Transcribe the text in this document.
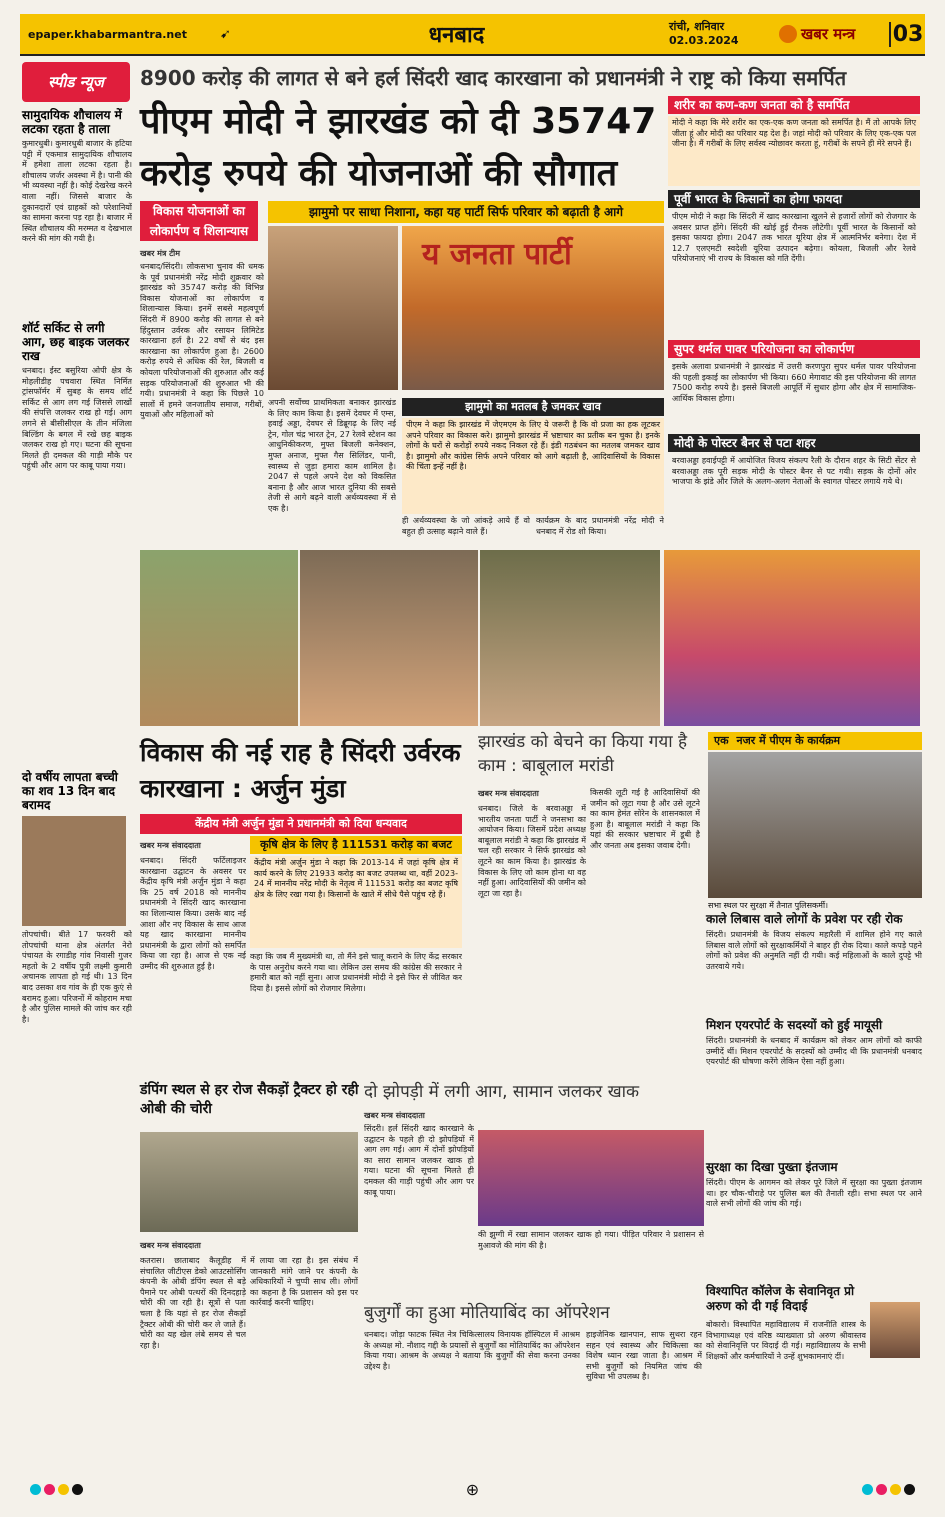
epaper.khabarmantra.net	➹	धनबाद	रांची, शनिवार
02.03.2024	खबर मन्त्र 03
स्पीड न्यूज	8900 करोड़ की लागत से बने हर्ल सिंदरी खाद कारखाना को प्रधानमंत्री ने राष्ट्र को किया समर्पित
पीएम मोदी ने झारखंड को दी 35747 करोड़ रुपये की योजनाओं की सौगात
सामुदायिक शौचालय में लटका रहता है ताला

कुमारधुबी। कुमारधुबी बाजार के हटिया पट्टी में एकमात्र सामुदायिक शौचालय में हमेशा ताला लटका रहता है। शौचालय जर्जर अवस्था में है। पानी की भी व्यवस्था नहीं है। कोई देखरेख करने वाला नहीं। जिससे बाजार के दुकानदारों एवं ग्राहकों को परेशानियों का सामना करना पड़ रहा है। बाजार में स्थित शौचालय की मरम्मत व देखभाल करने की मांग की गयी है।

शॉर्ट सर्किट से लगी आग, छह बाइक जलकर राख

धनबाद। ईस्ट बसुरिया ओपी क्षेत्र के मोहलीडीह पचवारा स्थित निर्मित ट्रांसफॉर्मर में सुबह के समय शॉर्ट सर्किट से आग लग गई जिससे लाखों की संपत्ति जलकर राख हो गई। आग लगने से बीसीसीएल के तीन मंजिला बिल्डिंग के बगल में रखे छह बाइक जलकर राख हो गए। घटना की सूचना मिलते ही दमकल की गाड़ी मौके पर पहुंची और आग पर काबू पाया गया।

दो वर्षीय लापता बच्ची का शव 13 दिन बाद बरामद

तोपचांची। बीते 17 फरवरी को तोपचांची थाना क्षेत्र अंतर्गत नेरो पंचायत के रगाडीह गांव निवासी गुजर महतो के 2 वर्षीय पुत्री लक्ष्मी कुमारी अचानक लापता हो गई थी। 13 दिन बाद उसका शव गांव के ही एक कुएं से बरामद हुआ। परिजनों में कोहराम मचा है और पुलिस मामले की जांच कर रही है।

विकास योजनाओं का लोकार्पण व शिलान्यास
झामुमो पर साधा निशाना, कहा यह पार्टी सिर्फ परिवार को बढ़ाती है आगे
य जनता पार्टी
खबर मंत्र टीम
धनबाद/सिंदरी। लोकसभा चुनाव की धमक के पूर्व प्रधानमंत्री नरेंद्र मोदी शुक्रवार को झारखंड को 35747 करोड़ की विभिन्न विकास योजनाओं का लोकार्पण व शिलान्यास किया। इनमें सबसे महत्वपूर्ण सिंदरी में 8900 करोड़ की लागत से बने हिंदुस्तान उर्वरक और रसायन लिमिटेड कारखाना हर्ल है। 22 वर्षों से बंद इस कारखाना का लोकार्पण हुआ है। 2600 करोड़ रुपये से अधिक की रेल, बिजली व कोयला परियोजनाओं की शुरुआत और कई सड़क परियोजनाओं की शुरुआत भी की गयी। प्रधानमंत्री ने कहा कि पिछले 10 सालों में हमने जनजातीय समाज, गरीबों, युवाओं और महिलाओं को
अपनी सर्वोच्च प्राथमिकता बनाकर झारखंड के लिए काम किया है। इसमें देवघर में एम्स, हवाई अड्डा, देवघर से डिब्रूगढ़ के लिए नई ट्रेन, गोल चंद्र भारत ट्रेन, 27 रेलवे स्टेशन का आधुनिकीकरण, मुफ्त बिजली कनेक्शन, मुफ्त अनाज, मुफ्त गैस सिलिंडर, पानी, स्वास्थ्य से जुड़ा हमारा काम शामिल है। 2047 से पहले अपने देश को विकसित बनाना है और आज भारत दुनिया की सबसे तेजी से आगे बढ़ने वाली अर्थव्यवस्था में से एक है।
झामुमो का मतलब है जमकर खाव
पीएम ने कहा कि झारखंड में जेएमएम के लिए ये जरूरी है कि वो प्रजा का हक लूटकर अपने परिवार का विकास करे। झामुमो झारखंड में भ्रष्टाचार का प्रतीक बन चुका है। इनके लोगों के घरों से करोड़ों रुपये नकद निकल रहे हैं। इंडी गठबंधन का मतलब जमकर खाव है। झामुमो और कांग्रेस सिर्फ अपने परिवार को आगे बढ़ाती है, आदिवासियों के विकास की चिंता इन्हें नहीं है।
ही अर्थव्यवस्था के जो आंकड़े आये हैं वो बहुत ही उत्साह बढ़ाने वाले हैं।
कार्यक्रम के बाद प्रधानमंत्री नरेंद्र मोदी ने धनबाद में रोड शो किया।
शरीर का कण-कण जनता को है समर्पित
मोदी ने कहा कि मेरे शरीर का एक-एक कण जनता को समर्पित है। मैं तो आपके लिए जीता हूं और मोदी का परिवार यह देश है। जहां मोदी को परिवार के लिए एक-एक पल जीना है। मैं गरीबों के लिए सर्वस्व न्योछावर करता हूं, गरीबों के सपने ही मेरे सपने हैं।
पूर्वी भारत के किसानों का होगा फायदा
पीएम मोदी ने कहा कि सिंदरी में खाद कारखाना खुलने से हजारों लोगों को रोजगार के अवसर प्राप्त होंगे। सिंदरी की खोई हुई रौनक लौटेगी। पूर्वी भारत के किसानों को इसका फायदा होगा। 2047 तक भारत यूरिया क्षेत्र में आत्मनिर्भर बनेगा। देश में 12.7 एलएमटी स्वदेशी यूरिया उत्पादन बढ़ेगा। कोयला, बिजली और रेलवे परियोजनाएं भी राज्य के विकास को गति देंगी।
सुपर थर्मल पावर परियोजना का लोकार्पण
इसके अलावा प्रधानमंत्री ने झारखंड में उत्तरी करणपुरा सुपर थर्मल पावर परियोजना की पहली इकाई का लोकार्पण भी किया। 660 मेगावाट की इस परियोजना की लागत 7500 करोड़ रुपये है। इससे बिजली आपूर्ति में सुधार होगा और क्षेत्र में सामाजिक-आर्थिक विकास होगा।
मोदी के पोस्टर बैनर से पटा शहर
बरवाअड्डा हवाईपट्टी में आयोजित विजय संकल्प रैली के दौरान शहर के सिटी सेंटर से बरवाअड्डा तक पूरी सड़क मोदी के पोस्टर बैनर से पट गयी। सड़क के दोनों ओर भाजपा के झंडे और जिले के अलग-अलग नेताओं के स्वागत पोस्टर लगाये गये थे।
विकास की नई राह है सिंदरी उर्वरक कारखाना : अर्जुन मुंडा
झारखंड को बेचने का किया गया है काम : बाबूलाल मरांडी
केंद्रीय मंत्री अर्जुन मुंडा ने प्रधानमंत्री को दिया धन्यवाद
कृषि क्षेत्र के लिए है 111531 करोड़ का बजट
केंद्रीय मंत्री अर्जुन मुंडा ने कहा कि 2013-14 में जहां कृषि क्षेत्र में कार्य करने के लिए 21933 करोड़ का बजट उपलब्ध था, वहीं 2023-24 में माननीय नरेंद्र मोदी के नेतृत्व में 111531 करोड़ का बजट कृषि क्षेत्र के लिए रखा गया है। किसानों के खाते में सीधे पैसे पहुंच रहे हैं।
खबर मन्त्र संवाददाता
धनबाद। सिंदरी फर्टिलाइजर कारखाना उद्घाटन के अवसर पर केंद्रीय कृषि मंत्री अर्जुन मुंडा ने कहा कि 25 वर्ष 2018 को माननीय प्रधानमंत्री ने सिंदरी खाद कारखाना का शिलान्यास किया। उसके बाद नई आशा और नए विकास के साथ आज यह खाद कारखाना माननीय प्रधानमंत्री के द्वारा लोगों को समर्पित किया जा रहा है। आज से एक नई उम्मीद की शुरुआत हुई है।
कहा कि जब मैं मुख्यमंत्री था, तो मैंने इसे चालू कराने के लिए केंद्र सरकार के पास अनुरोध करने गया था। लेकिन उस समय की कांग्रेस की सरकार ने हमारी बात को नहीं सुना। आज प्रधानमंत्री मोदी ने इसे फिर से जीवित कर दिया है। इससे लोगों को रोजगार मिलेगा।
खबर मन्त्र संवाददाता
धनबाद। जिले के बरवाअड्डा में भारतीय जनता पार्टी ने जनसभा का आयोजन किया। जिसमें प्रदेश अध्यक्ष बाबूलाल मरांडी ने कहा कि झारखंड में चल रही सरकार ने सिर्फ झारखंड को लूटने का काम किया है। झारखंड के विकास के लिए जो काम होना था वह नहीं हुआ। आदिवासियों की जमीन को लूटा जा रहा है।
किसकी लूटी गई है आदिवासियों की जमीन को लूटा गया है और उसे लूटने का काम हेमंत सोरेन के शासनकाल में हुआ है। बाबूलाल मरांडी ने कहा कि यहां की सरकार भ्रष्टाचार में डूबी है और जनता अब इसका जवाब देगी।
एक नजर में पीएम के कार्यक्रम
सभा स्थल पर सुरक्षा में तैनात पुलिसकर्मी।
काले लिबास वाले लोगों के प्रवेश पर रही रोक
सिंदरी। प्रधानमंत्री के विजय संकल्प महारैली में शामिल होने गए काले लिबास वाले लोगों को सुरक्षाकर्मियों ने बाहर ही रोक दिया। काले कपड़े पहने लोगों को प्रवेश की अनुमति नहीं दी गयी। कई महिलाओं के काले दुपट्टे भी उतरवाये गये।
मिशन एयरपोर्ट के सदस्यों को हुई मायूसी
सिंदरी। प्रधानमंत्री के धनबाद में कार्यक्रम को लेकर आम लोगों को काफी उम्मीदें थीं। मिशन एयरपोर्ट के सदस्यों को उम्मीद थी कि प्रधानमंत्री धनबाद एयरपोर्ट की घोषणा करेंगे लेकिन ऐसा नहीं हुआ।
सुरक्षा का दिखा पुख्ता इंतजाम
सिंदरी। पीएम के आगमन को लेकर पूरे जिले में सुरक्षा का पुख्ता इंतजाम था। हर चौक-चौराहे पर पुलिस बल की तैनाती रही। सभा स्थल पर आने वाले सभी लोगों की जांच की गई।
विश्यापित कॉलेज के सेवानिवृत प्रो अरुण को दी गई विदाई
बोकारो। विस्थापित महाविद्यालय में राजनीति शास्त्र के विभागाध्यक्ष एवं वरिष्ठ व्याख्याता प्रो अरुण श्रीवास्तव को सेवानिवृत्ति पर विदाई दी गई। महाविद्यालय के सभी शिक्षकों और कर्मचारियों ने उन्हें शुभकामनाएं दीं।
डंपिंग स्थल से हर रोज सैकड़ों ट्रैक्टर हो रही ओबी की चोरी
दो झोपड़ी में लगी आग, सामान जलकर खाक
खबर मन्त्र संवाददाता
सिंदरी। हर्ल सिंदरी खाद कारखाने के उद्घाटन के पहले ही दो झोपड़ियों में आग लग गई। आग में दोनों झोपड़ियों का सारा सामान जलकर खाक हो गया। घटना की सूचना मिलते ही दमकल की गाड़ी पहुंची और आग पर काबू पाया।
की झुग्गी में रखा सामान जलकर खाक हो गया। पीड़ित परिवार ने प्रशासन से मुआवजे की मांग की है।
खबर मन्त्र संवाददाता
कतरास। छाताबाद कैलूडीह में संचालित जीटीएस डेको आउटसोर्सिंग कंपनी के ओबी डंपिंग स्थल से बड़े पैमाने पर ओबी पत्थरों की दिनदहाड़े चोरी की जा रही है। सूत्रों से पता चला है कि यहां से हर रोज सैकड़ों ट्रैक्टर ओबी की चोरी कर ले जाते हैं। चोरी का यह खेल लंबे समय से चल रहा है।
में लाया जा रहा है। इस संबंध में जानकारी मांगे जाने पर कंपनी के अधिकारियों ने चुप्पी साध ली। लोगों का कहना है कि प्रशासन को इस पर कार्रवाई करनी चाहिए।
बुजुर्गों का हुआ मोतियाबिंद का ऑपरेशन
धनबाद। जोड़ा फाटक स्थित नेत्र चिकित्सालय विनायक हॉस्पिटल में आश्रम के अध्यक्ष मो. नौशाद गद्दी के प्रयासों से बुजुर्गों का मोतियाबिंद का ऑपरेशन किया गया। आश्रम के अध्यक्ष ने बताया कि बुजुर्गों की सेवा करना उनका उद्देश्य है।
हाइजेनिक खानपान, साफ सुथरा रहन सहन एवं स्वास्थ्य और चिकित्सा का विशेष ध्यान रखा जाता है। आश्रम में सभी बुजुर्गों को नियमित जांच की सुविधा भी उपलब्ध है।
⊕
